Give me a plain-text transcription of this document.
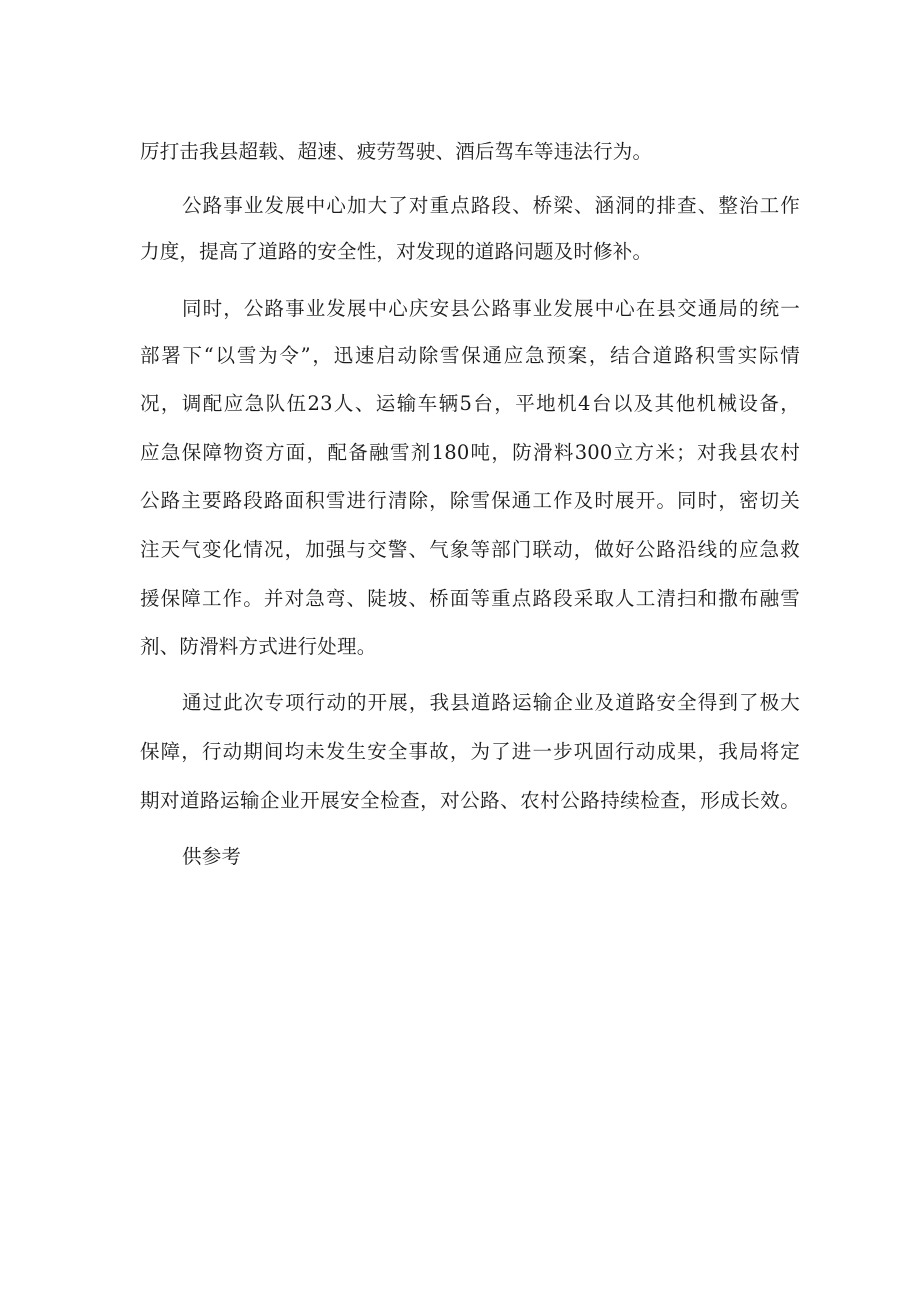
厉打击我县超载、超速、疲劳驾驶、酒后驾车等违法行为。
公路事业发展中心加大了对重点路段、桥梁、涵洞的排查、整治工作
力度，提高了道路的安全性，对发现的道路问题及时修补。
同时，公路事业发展中心庆安县公路事业发展中心在县交通局的统一
部署下“以雪为令”，迅速启动除雪保通应急预案，结合道路积雪实际情
况，调配应急队伍23人、运输车辆5台，平地机4台以及其他机械设备，
应急保障物资方面，配备融雪剂180吨，防滑料300立方米；对我县农村
公路主要路段路面积雪进行清除，除雪保通工作及时展开。同时，密切关
注天气变化情况，加强与交警、气象等部门联动，做好公路沿线的应急救
援保障工作。并对急弯、陡坡、桥面等重点路段采取人工清扫和撒布融雪
剂、防滑料方式进行处理。
通过此次专项行动的开展，我县道路运输企业及道路安全得到了极大
保障，行动期间均未发生安全事故，为了进一步巩固行动成果，我局将定
期对道路运输企业开展安全检查，对公路、农村公路持续检查，形成长效。
供参考
